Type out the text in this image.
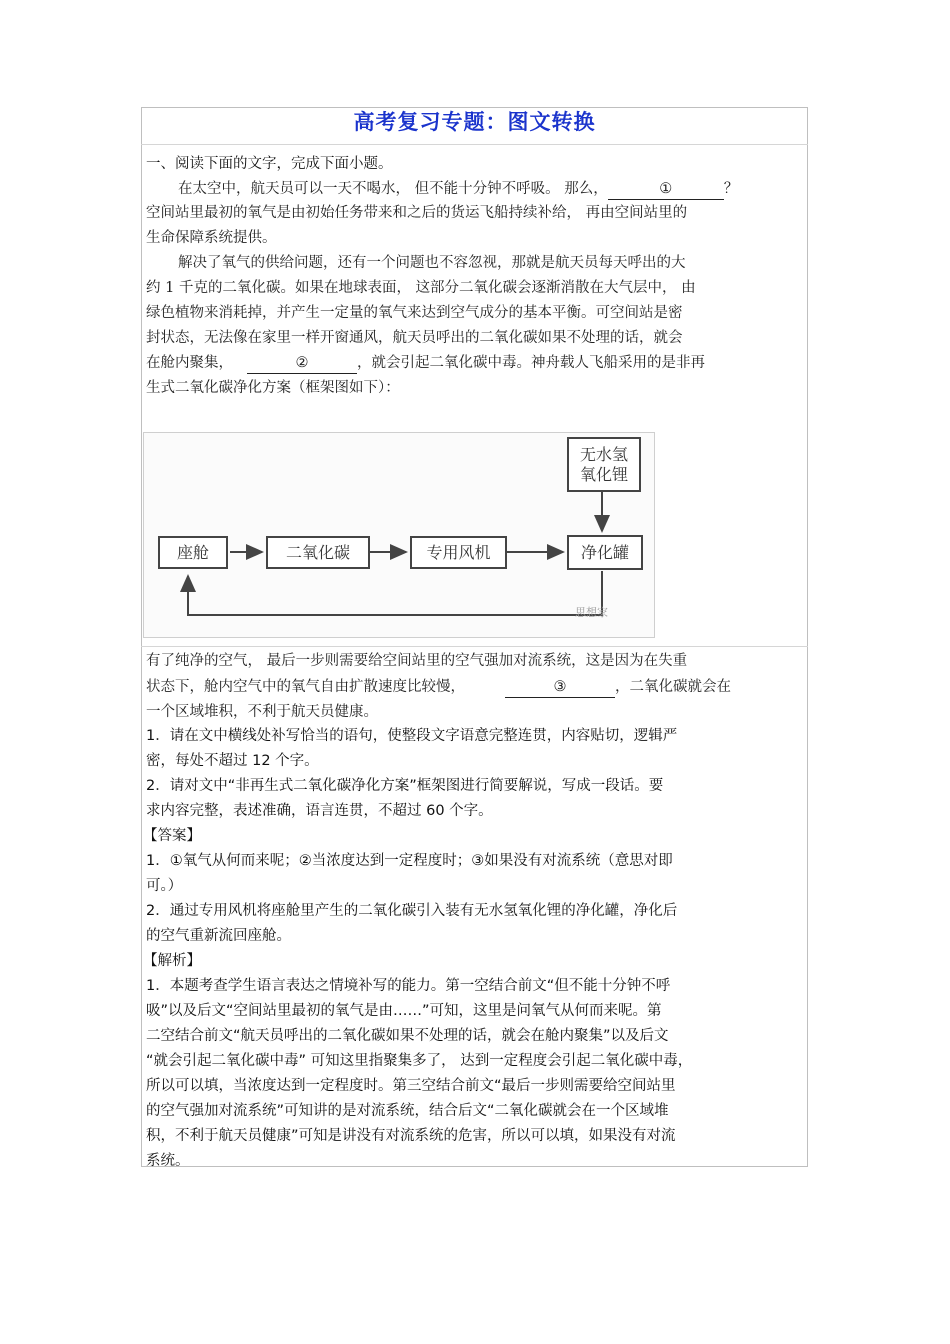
高考复习专题：图文转换
一、阅读下面的文字，完成下面小题。
在太空中，航天员可以一天不喝水， 但不能十分钟不呼吸。 那么，	①	？
空间站里最初的氧气是由初始任务带来和之后的货运飞船持续补给， 再由空间站里的
生命保障系统提供。
解决了氧气的供给问题，还有一个问题也不容忽视，那就是航天员每天呼出的大
约 1 千克的二氧化碳。如果在地球表面， 这部分二氧化碳会逐渐消散在大气层中， 由
绿色植物来消耗掉，并产生一定量的氧气来达到空气成分的基本平衡。可空间站是密
封状态，无法像在家里一样开窗通风，航天员呼出的二氧化碳如果不处理的话，就会
在舱内聚集，	②	，就会引起二氧化碳中毒。神舟载人飞船采用的是非再
生式二氧化碳净化方案（框架图如下）：
座舱	二氧化碳	专用风机	净化罐
无水氢
氧化锂
思想家
有了纯净的空气， 最后一步则需要给空间站里的空气强加对流系统，这是因为在失重
状态下，舱内空气中的氧气自由扩散速度比较慢，	③	，二氧化碳就会在
一个区域堆积，不利于航天员健康。
1．请在文中横线处补写恰当的语句，使整段文字语意完整连贯，内容贴切，逻辑严
密，每处不超过 12 个字。
2．请对文中“非再生式二氧化碳净化方案”框架图进行简要解说，写成一段话。要
求内容完整，表述准确，语言连贯，不超过 60 个字。
【答案】
1．①氧气从何而来呢；②当浓度达到一定程度时；③如果没有对流系统（意思对即
可。）
2．通过专用风机将座舱里产生的二氧化碳引入装有无水氢氧化锂的净化罐，净化后
的空气重新流回座舱。
【解析】
1．本题考查学生语言表达之情境补写的能力。第一空结合前文“但不能十分钟不呼
吸”以及后文“空间站里最初的氧气是由……”可知，这里是问氧气从何而来呢。第
二空结合前文“航天员呼出的二氧化碳如果不处理的话，就会在舱内聚集”以及后文
“就会引起二氧化碳中毒” 可知这里指聚集多了， 达到一定程度会引起二氧化碳中毒，
所以可以填，当浓度达到一定程度时。第三空结合前文“最后一步则需要给空间站里
的空气强加对流系统”可知讲的是对流系统，结合后文“二氧化碳就会在一个区域堆
积，不利于航天员健康”可知是讲没有对流系统的危害，所以可以填，如果没有对流
系统。
